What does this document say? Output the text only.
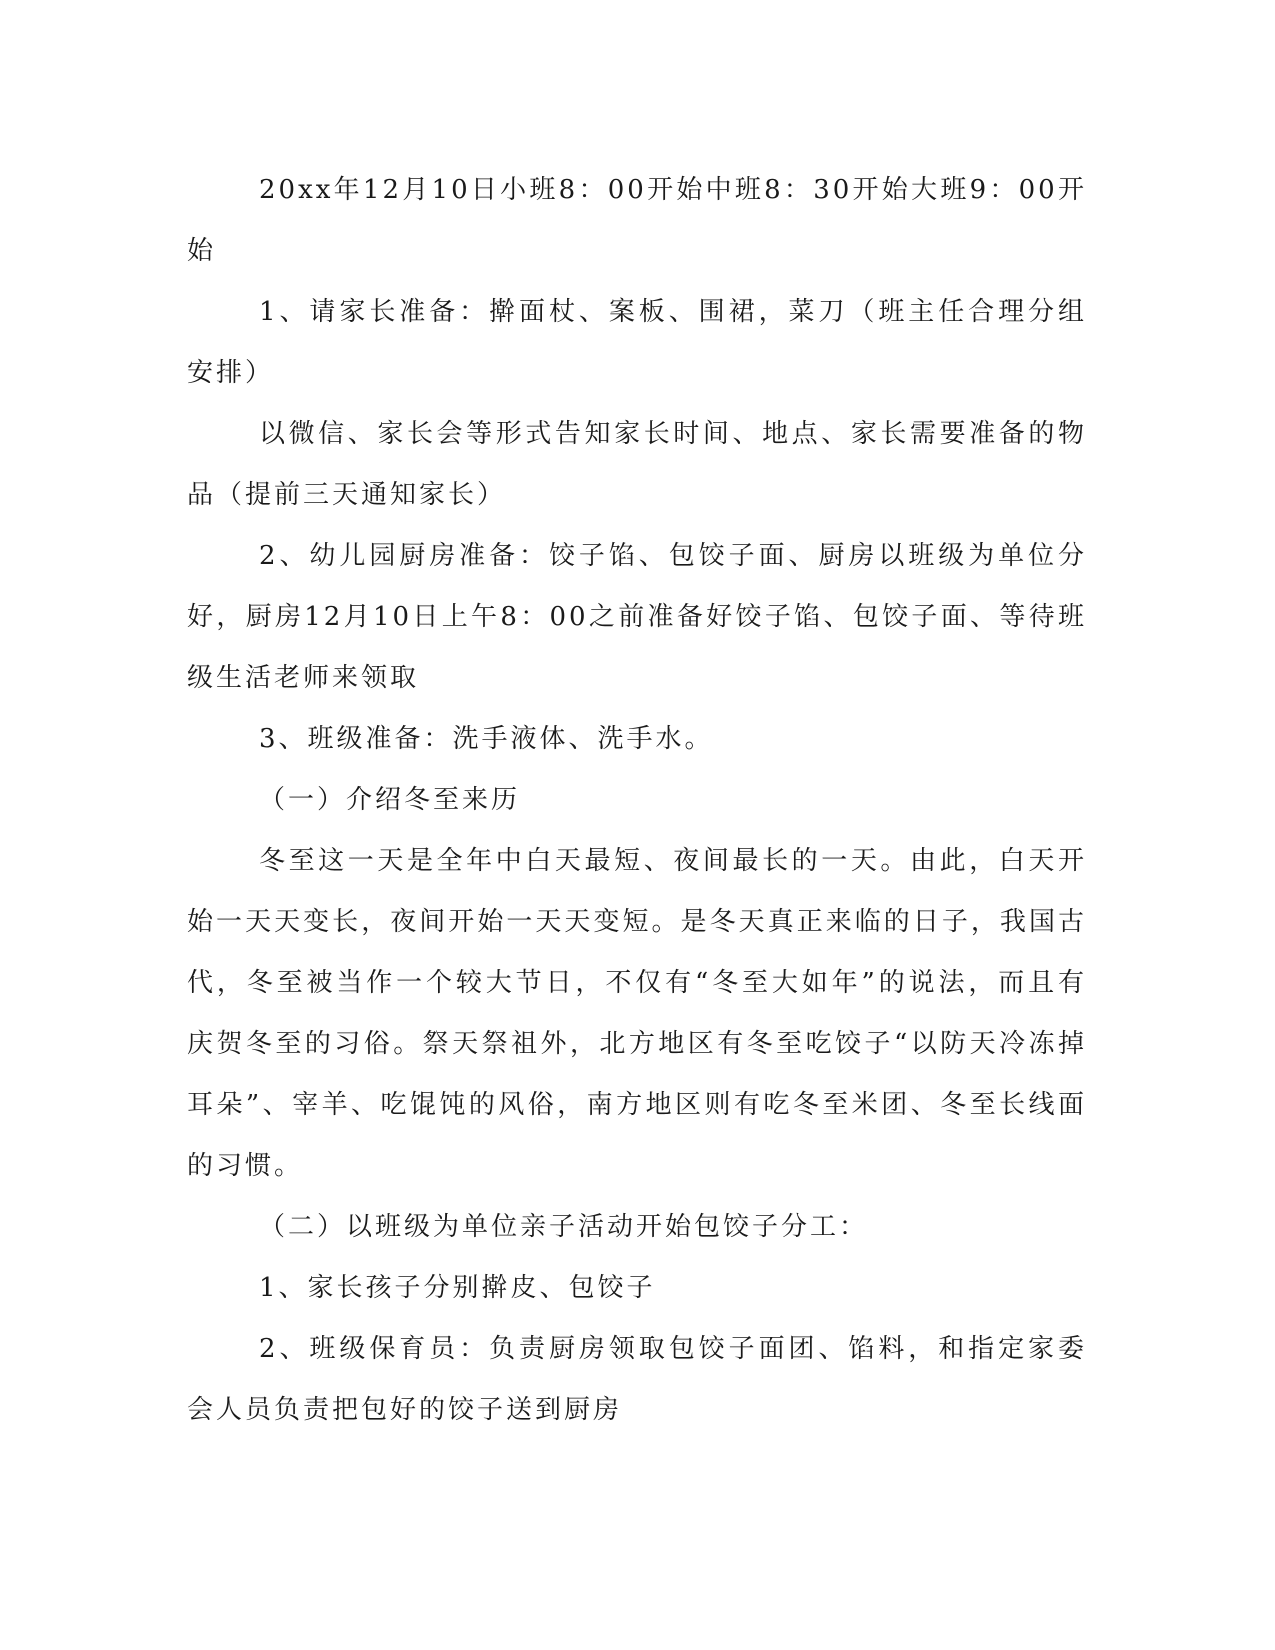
20xx年12月10日小班8：00开始中班8：30开始大班9：00开始

1、请家长准备：擀面杖、案板、围裙，菜刀（班主任合理分组安排）

以微信、家长会等形式告知家长时间、地点、家长需要准备的物品（提前三天通知家长）

2、幼儿园厨房准备：饺子馅、包饺子面、厨房以班级为单位分好，厨房12月10日上午8：00之前准备好饺子馅、包饺子面、等待班级生活老师来领取

3、班级准备：洗手液体、洗手水。

（一）介绍冬至来历

冬至这一天是全年中白天最短、夜间最长的一天。由此，白天开始一天天变长，夜间开始一天天变短。是冬天真正来临的日子，我国古代，冬至被当作一个较大节日，不仅有“冬至大如年”的说法，而且有庆贺冬至的习俗。祭天祭祖外，北方地区有冬至吃饺子“以防天冷冻掉耳朵”、宰羊、吃馄饨的风俗，南方地区则有吃冬至米团、冬至长线面的习惯。

（二）以班级为单位亲子活动开始包饺子分工：

1、家长孩子分别擀皮、包饺子

2、班级保育员：负责厨房领取包饺子面团、馅料，和指定家委会人员负责把包好的饺子送到厨房
